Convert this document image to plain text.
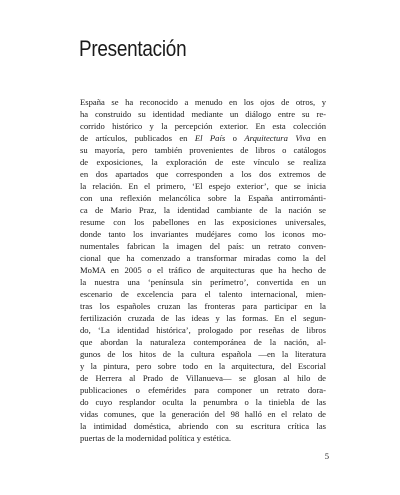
Presentación
España se ha reconocido a menudo en los ojos de otros, y
ha construido su identidad mediante un diálogo entre su re-
corrido histórico y la percepción exterior. En esta colección
de artículos, publicados en El País o Arquitectura Viva en
su mayoría, pero también provenientes de libros o catálogos
de exposiciones, la exploración de este vínculo se realiza
en dos apartados que corresponden a los dos extremos de
la relación. En el primero, ‘El espejo exterior’, que se inicia
con una reflexión melancólica sobre la España antirrománti-
ca de Mario Praz, la identidad cambiante de la nación se
resume con los pabellones en las exposiciones universales,
donde tanto los invariantes mudéjares como los iconos mo-
numentales fabrican la imagen del país: un retrato conven-
cional que ha comenzado a transformar miradas como la del
MoMA en 2005 o el tráfico de arquitecturas que ha hecho de
la nuestra una ‘península sin perímetro’, convertida en un
escenario de excelencia para el talento internacional, mien-
tras los españoles cruzan las fronteras para participar en la
fertilización cruzada de las ideas y las formas. En el segun-
do, ‘La identidad histórica’, prologado por reseñas de libros
que abordan la naturaleza contemporánea de la nación, al-
gunos de los hitos de la cultura española —en la literatura
y la pintura, pero sobre todo en la arquitectura, del Escorial
de Herrera al Prado de Villanueva— se glosan al hilo de
publicaciones o efemérides para componer un retrato dora-
do cuyo resplandor oculta la penumbra o la tiniebla de las
vidas comunes, que la generación del 98 halló en el relato de
la intimidad doméstica, abriendo con su escritura crítica las
puertas de la modernidad política y estética.
5
